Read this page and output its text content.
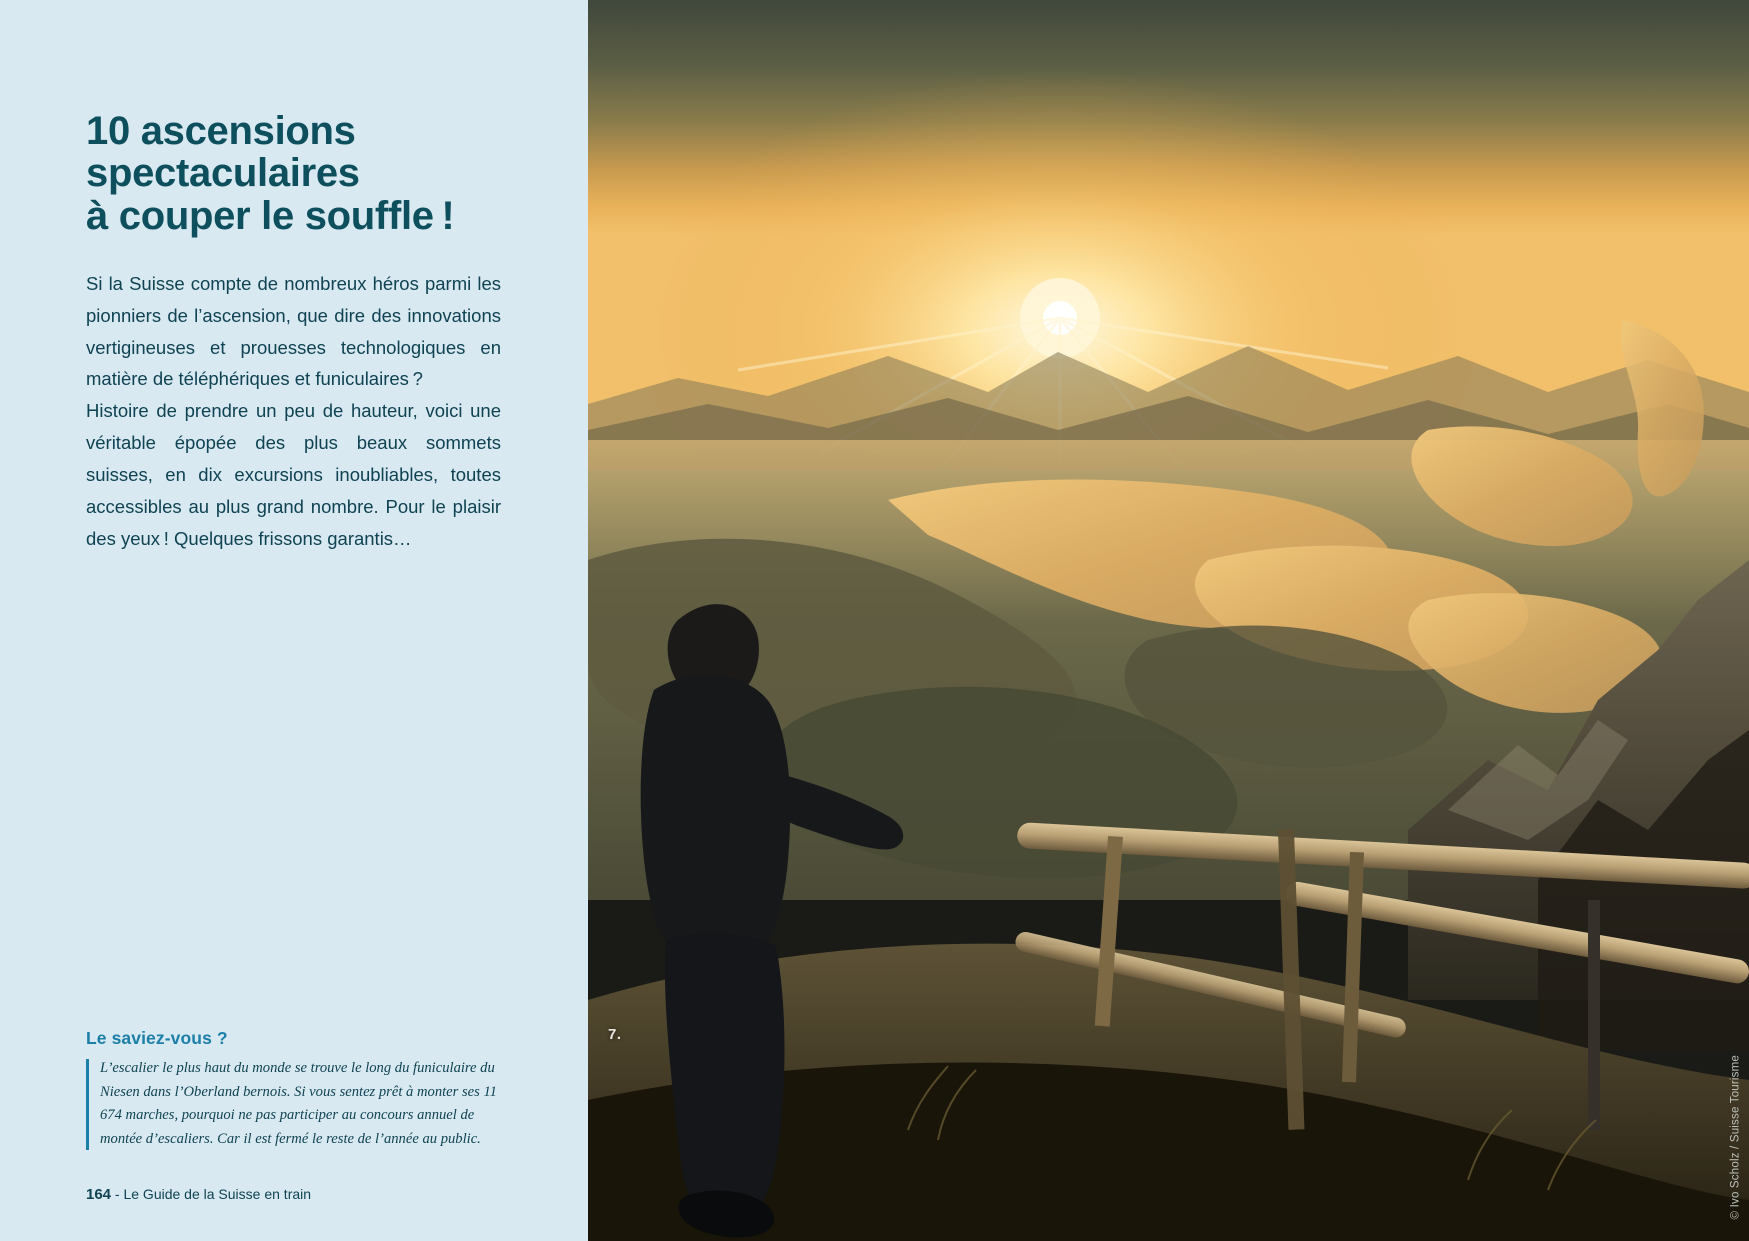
10 ascensions
spectaculaires
à couper le souffle !

Si la Suisse compte de nombreux héros parmi les pionniers de l’ascension, que dire des innovations vertigineuses et prouesses technologiques en matière de téléphériques et funiculaires ?

Histoire de prendre un peu de hauteur, voici une véritable épopée des plus beaux sommets suisses, en dix excursions inoubliables, toutes accessibles au plus grand nombre. Pour le plaisir des yeux ! Quelques frissons garantis…

Le saviez-vous ?
L’escalier le plus haut du monde se trouve le long du funiculaire du Niesen dans l’Oberland bernois. Si vous sentez prêt à monter ses 11 674 marches, pourquoi ne pas participer au concours annuel de montée d’escaliers. Car il est fermé le reste de l’année au public.
164 - Le Guide de la Suisse en train
7.
© Ivo Scholz / Suisse Tourisme
